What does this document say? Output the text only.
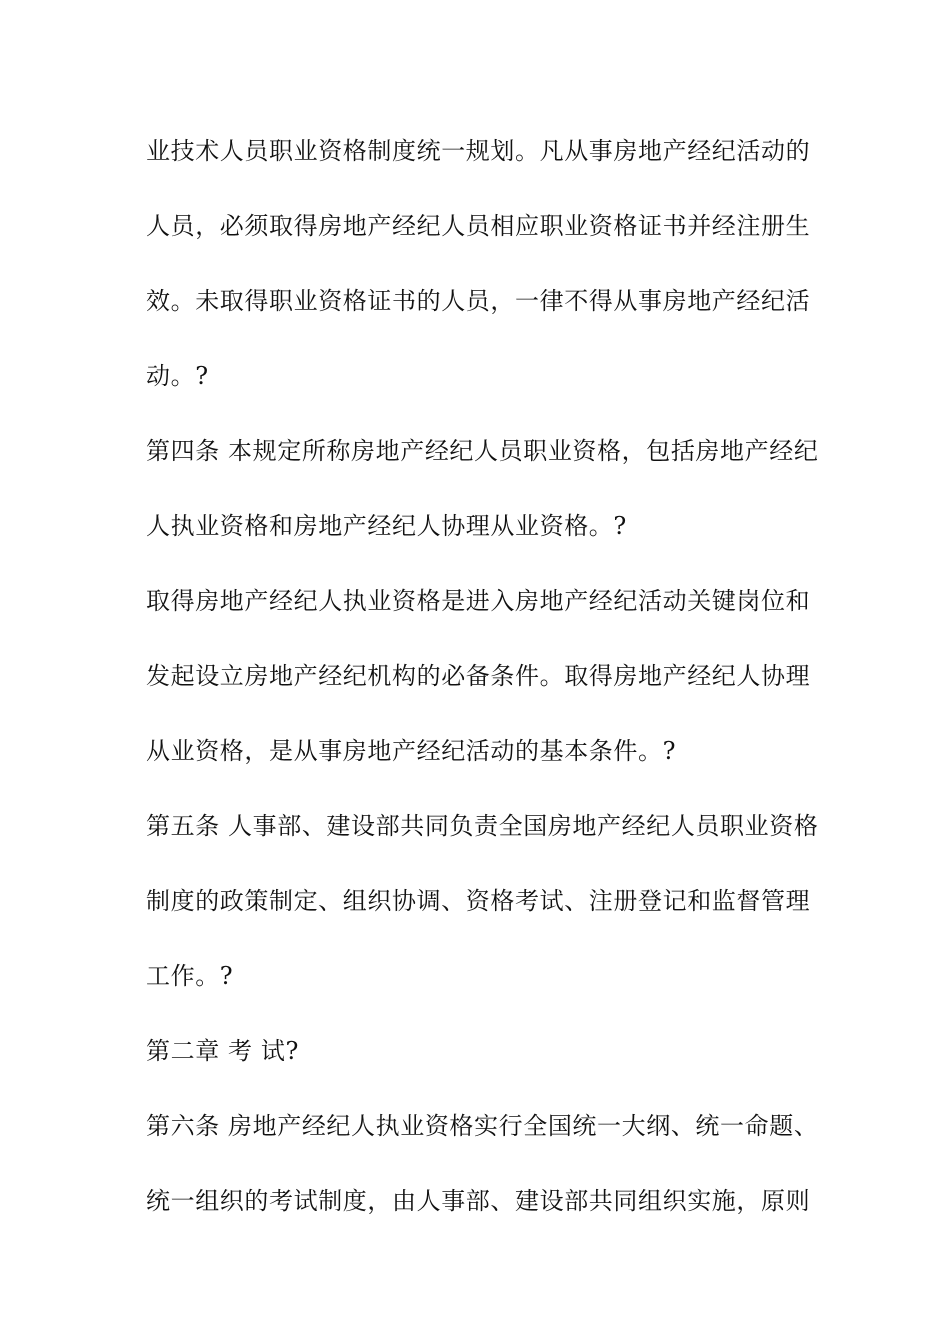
业技术人员职业资格制度统一规划。凡从事房地产经纪活动的
人员，必须取得房地产经纪人员相应职业资格证书并经注册生
效。未取得职业资格证书的人员，一律不得从事房地产经纪活
动。?
第四条 本规定所称房地产经纪人员职业资格，包括房地产经纪
人执业资格和房地产经纪人协理从业资格。?
取得房地产经纪人执业资格是进入房地产经纪活动关键岗位和
发起设立房地产经纪机构的必备条件。取得房地产经纪人协理
从业资格，是从事房地产经纪活动的基本条件。?
第五条 人事部、建设部共同负责全国房地产经纪人员职业资格
制度的政策制定、组织协调、资格考试、注册登记和监督管理
工作。?
第二章 考 试?
第六条 房地产经纪人执业资格实行全国统一大纲、统一命题、
统一组织的考试制度，由人事部、建设部共同组织实施，原则
